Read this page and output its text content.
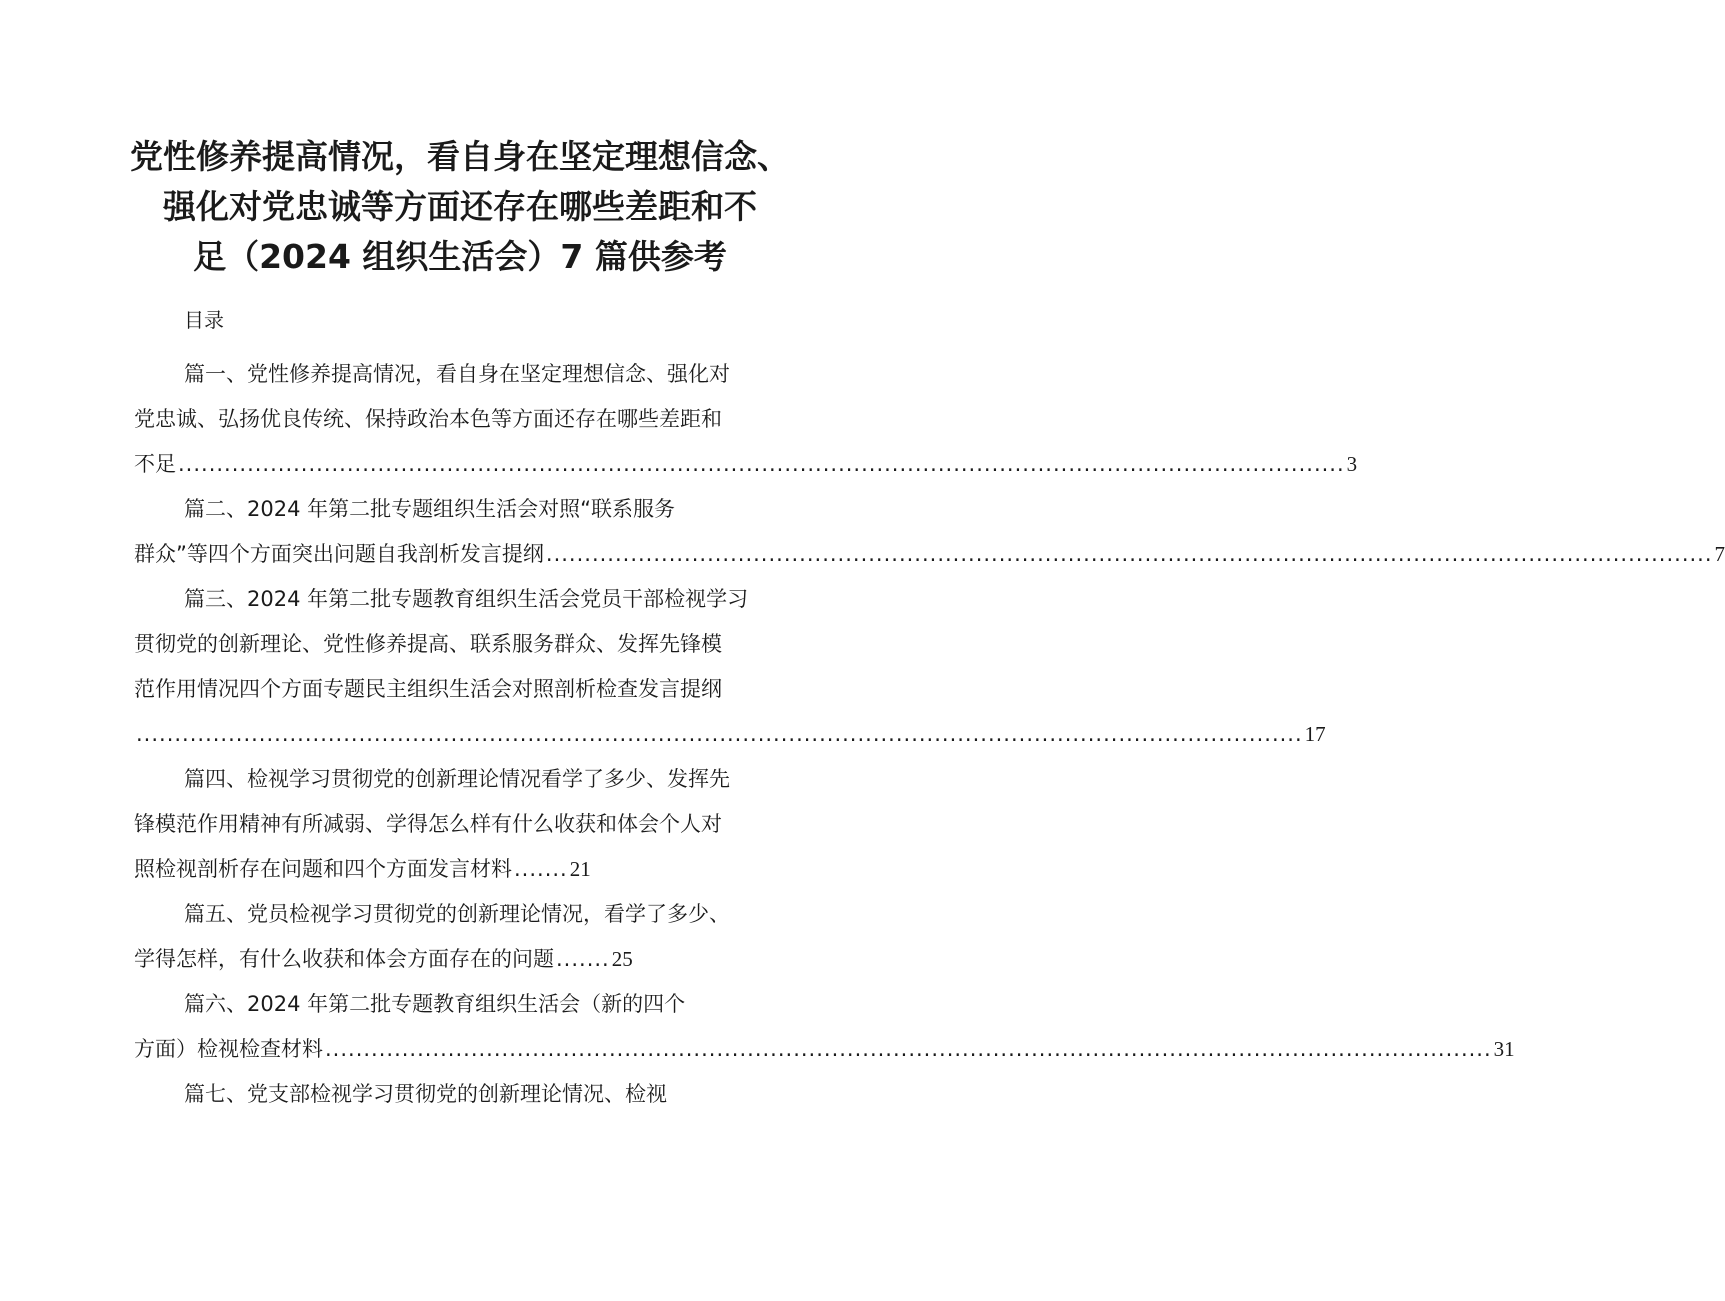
党性修养提高情况，看自身在坚定理想信念、
强化对党忠诚等方面还存在哪些差距和不
足（2024 组织生活会）7 篇供参考
目录
篇一、党性修养提高情况，看自身在坚定理想信念、强化对
党忠诚、弘扬优良传统、保持政治本色等方面还存在哪些差距和
不足 ........................................................................................................................................................ 3
篇二、2024 年第二批专题组织生活会对照“联系服务
群众”等四个方面突出问题自我剖析发言提纲 ........................................................................................................................................................ 7
篇三、2024 年第二批专题教育组织生活会党员干部检视学习
贯彻党的创新理论、党性修养提高、联系服务群众、发挥先锋模
范作用情况四个方面专题民主组织生活会对照剖析检查发言提纲
........................................................................................................................................................ 17
篇四、检视学习贯彻党的创新理论情况看学了多少、发挥先
锋模范作用精神有所减弱、学得怎么样有什么收获和体会个人对
照检视剖析存在问题和四个方面发言材料 ....... 21
篇五、党员检视学习贯彻党的创新理论情况，看学了多少、
学得怎样，有什么收获和体会方面存在的问题 ....... 25
篇六、2024 年第二批专题教育组织生活会（新的四个
方面）检视检查材料 ........................................................................................................................................................ 31
篇七、党支部检视学习贯彻党的创新理论情况、检视
